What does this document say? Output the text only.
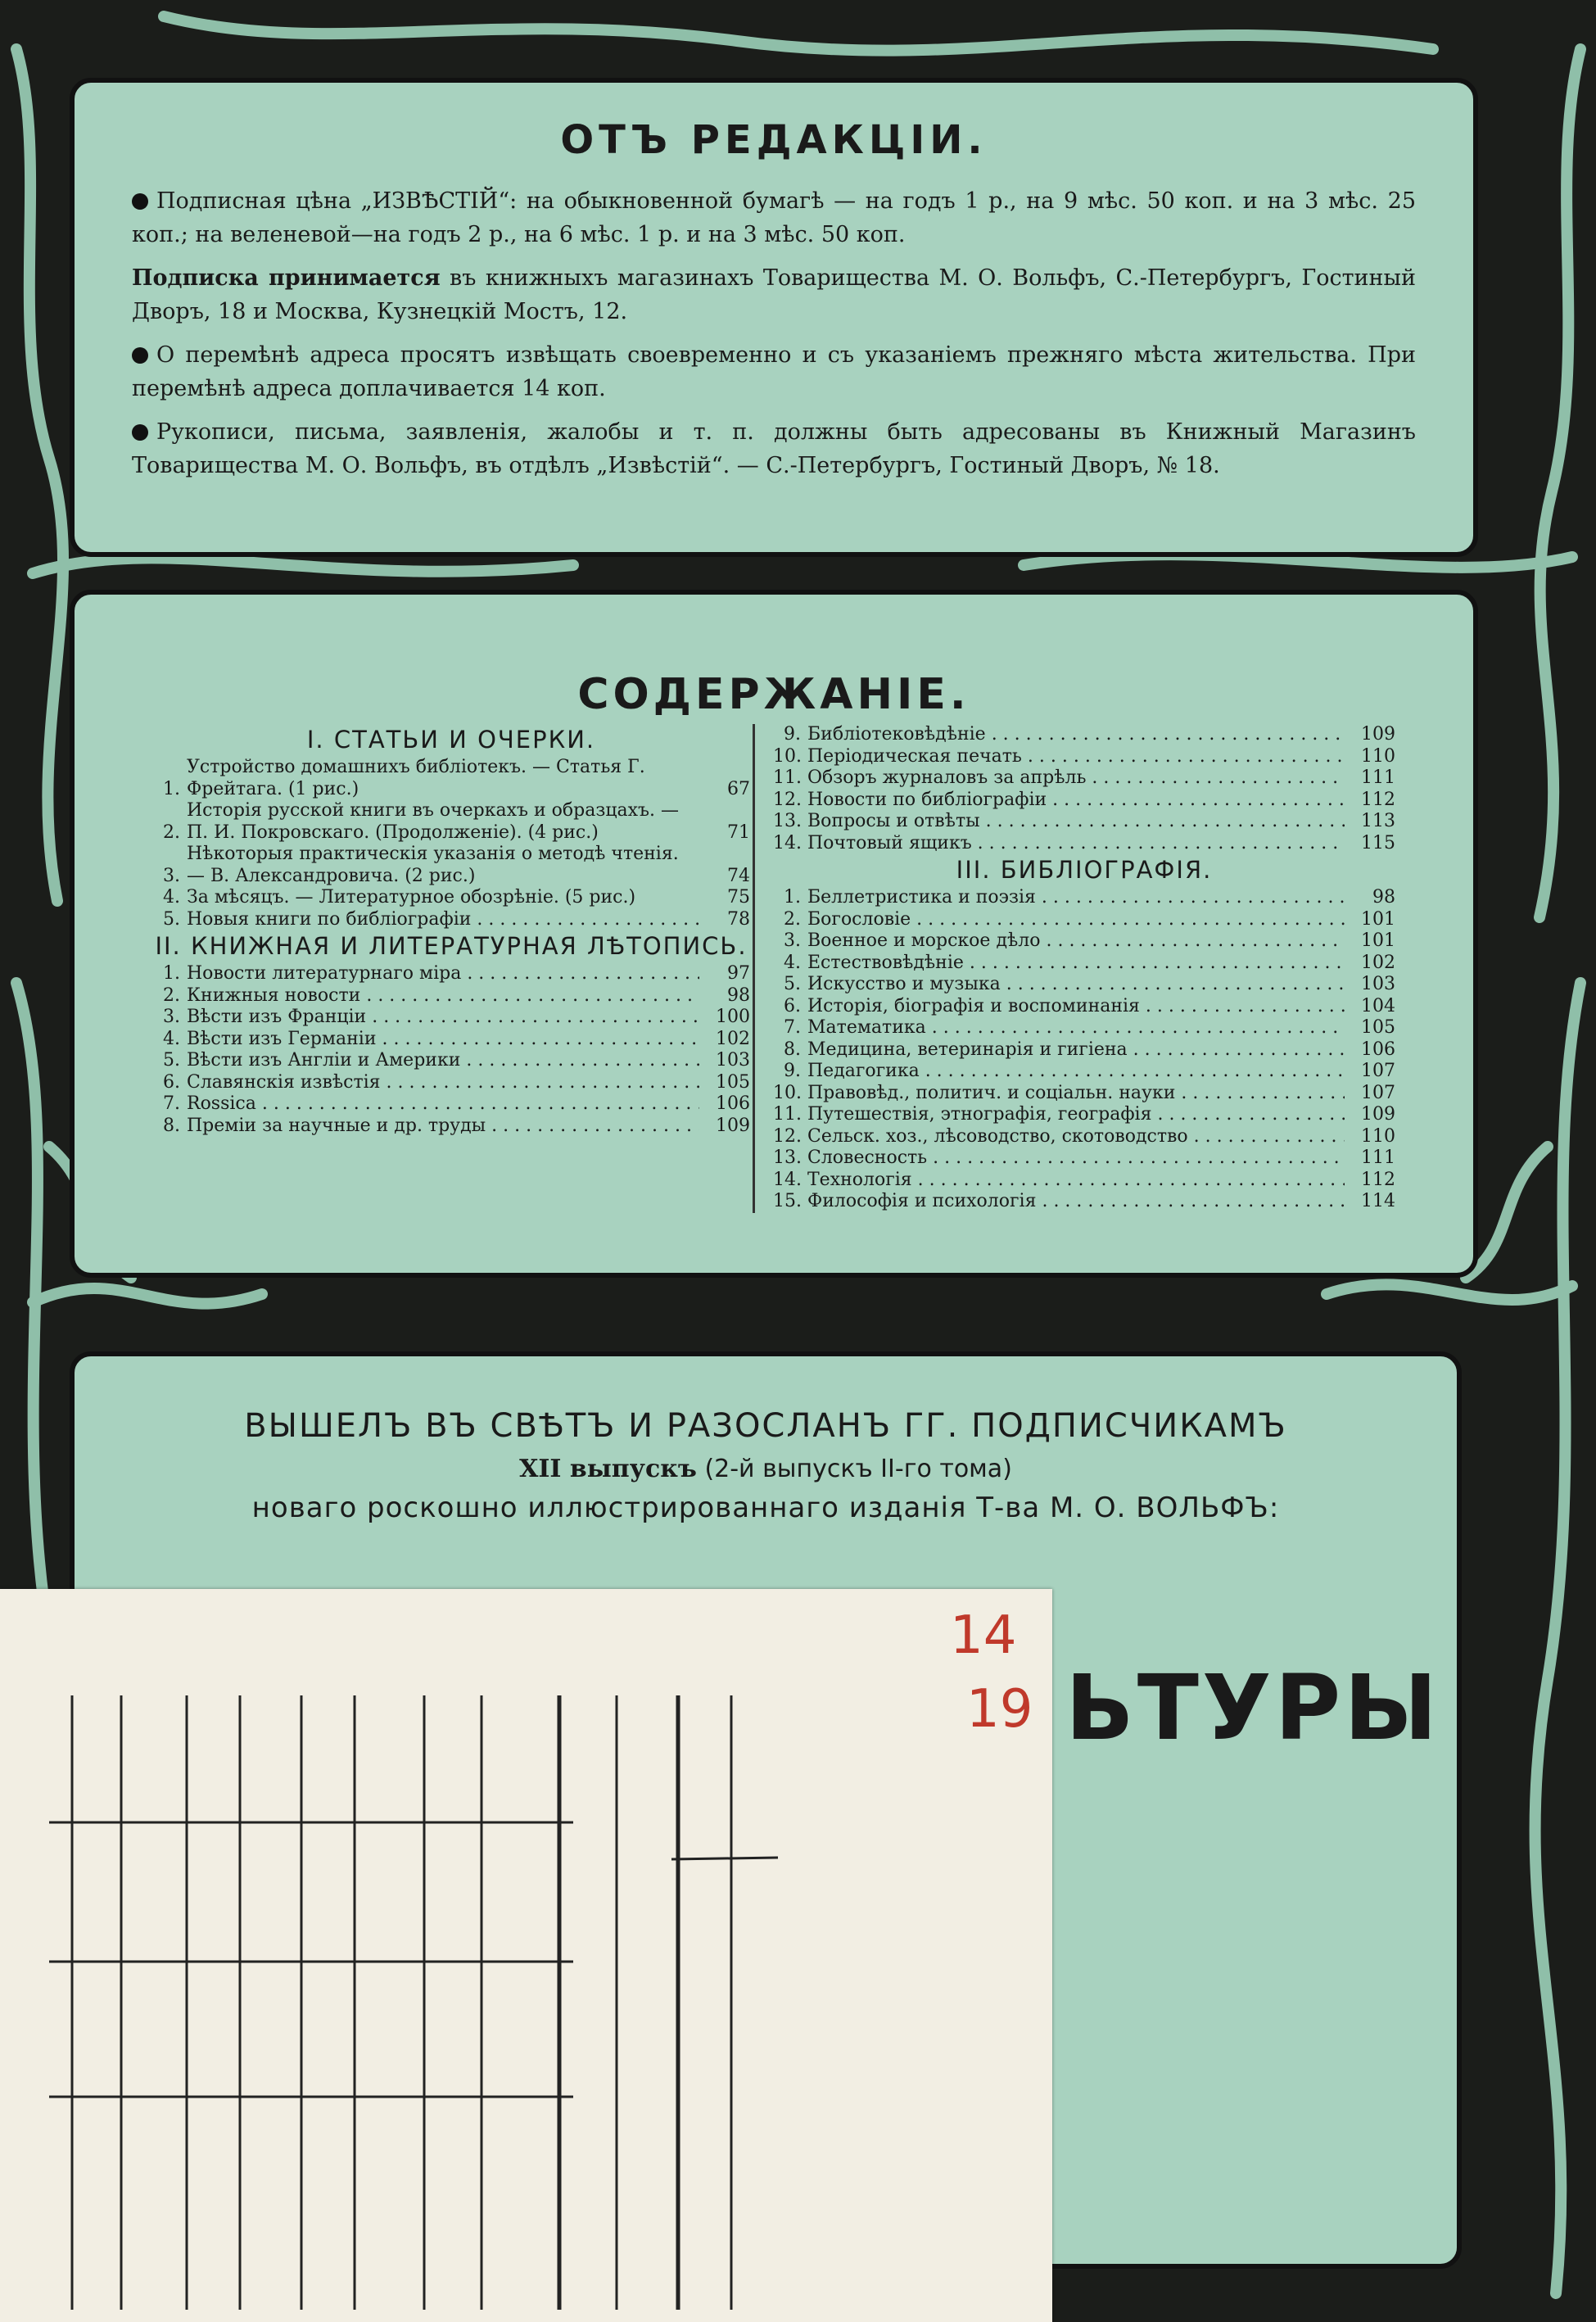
ОТЪ РЕДАКЦІИ.

Подписная цѣна „ИЗВѢСТІЙ“: на обыкновенной бумагѣ — на годъ 1 р., на 9 мѣс. 50 коп. и на 3 мѣс. 25 коп.; на веленевой—на годъ 2 р., на 6 мѣс. 1 р. и на 3 мѣс. 50 коп.

Подписка принимается въ книжныхъ магазинахъ Товарищества М. О. Вольфъ, С.-Петербургъ, Гостиный Дворъ, 18 и Москва, Кузнецкій Мостъ, 12.

О перемѣнѣ адреса просятъ извѣщать своевременно и съ указаніемъ прежняго мѣста жительства. При перемѣнѣ адреса доплачивается 14 коп.

Рукописи, письма, заявленія, жалобы и т. п. должны быть адресованы въ Книжный Магазинъ Товарищества М. О. Вольфъ, въ отдѣлъ „Извѣстій“. — С.-Петербургъ, Гостиный Дворъ, № 18.

СОДЕРЖАНІЕ.
I. СТАТЬИ И ОЧЕРКИ.
1.
Устройство домашнихъ библіотекъ. — Статья Г. Фрейтага. (1 рис.)	67
2.
Исторія русской книги въ очеркахъ и образцахъ. — П. И. Покровскаго. (Продолженіе). (4 рис.)	71
3.
Нѣкоторыя практическія указанія о методѣ чтенія. — В. Александровича. (2 рис.)	74
4. За мѣсяцъ. — Литературное обозрѣніе. (5 рис.)	75
5. Новыя книги по библіографіи . . .	78
II. КНИЖНАЯ И ЛИТЕРАТУРНАЯ ЛѢТОПИСЬ.
1. Новости литературнаго міра . . .	97
2. Книжныя новости . . .	98
3. Вѣсти изъ Франціи . . .	100
4. Вѣсти изъ Германіи . . .	102
5. Вѣсти изъ Англіи и Америки . . .	103
6. Славянскія извѣстія . . .	105
7. Rossica . . .	106
8. Преміи за научные и др. труды . . .	109
9. Библіотековѣдѣніе . . .	109
10. Періодическая печать . . .	110
11. Обзоръ журналовъ за апрѣль . . .	111
12. Новости по библіографіи . . .	112
13. Вопросы и отвѣты . . .	113
14. Почтовый ящикъ . . .	115
III. БИБЛІОГРАФІЯ.
1. Беллетристика и поэзія . . .	98
2. Богословіе . . .	101
3. Военное и морское дѣло . . .	101
4. Естествовѣдѣніе . . .	102
5. Искусство и музыка . . .	103
6. Исторія, біографія и воспоминанія . . .	104
7. Математика . . .	105
8. Медицина, ветеринарія и гигіена . . .	106
9. Педагогика . . .	107
10. Правовѣд., политич. и соціальн. науки . . .	107
11. Путешествія, этнографія, географія . . .	109
12. Сельск. хоз., лѣсоводство, скотоводство . . .	110
13. Словесность . . .	111
14. Технологія . . .	112
15. Философія и психологія . . .	114
ВЫШЕЛЪ ВЪ СВѢТЪ И РАЗОСЛАНЪ ГГ. ПОДПИСЧИКАМЪ
XII выпускъ (2-й выпускъ II-го тома)
новаго роскошно иллюстрированнаго изданія Т-ва М. О. ВОЛЬФЪ:
ЬТУРЫ
14
19
